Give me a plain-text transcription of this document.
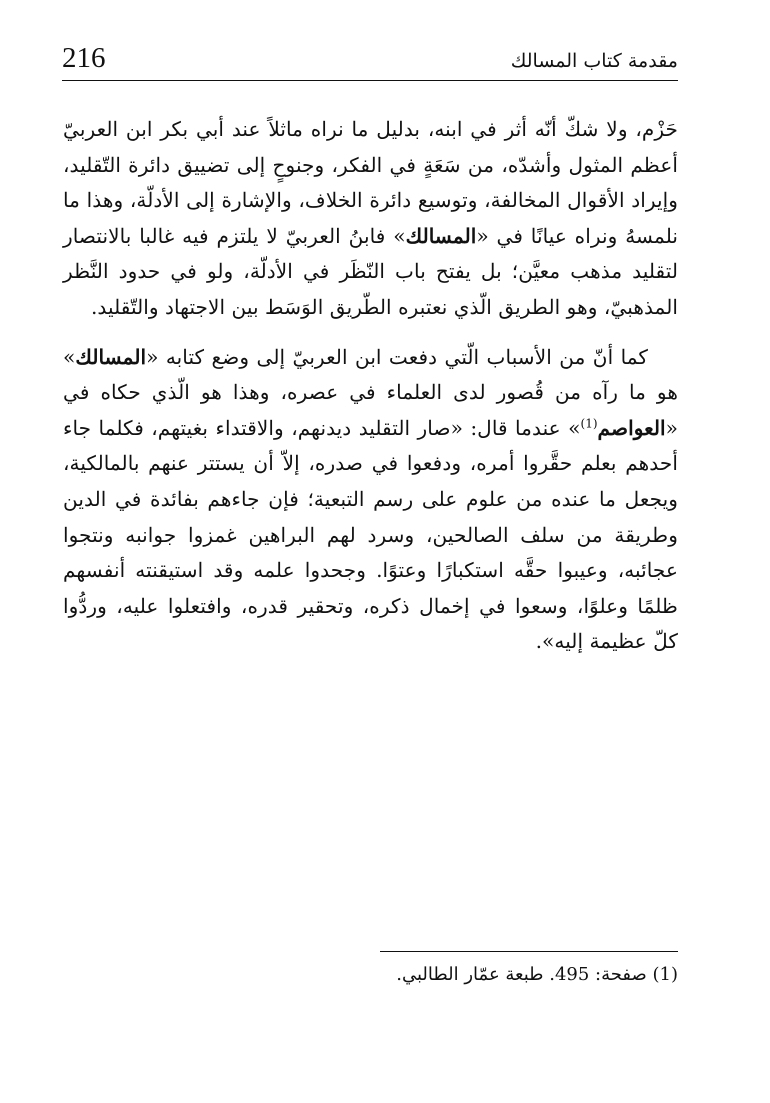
216	مقدمة كتاب المسالك

حَزْم، ولا شكّ أنّه أثر في ابنه، بدليل ما نراه ماثلاً عند أبي بكر ابن العربيّ أعظم المثول وأشدّه، من سَعَةٍ في الفكر، وجنوحٍ إلى تضييق دائرة التّقليد، وإيراد الأقوال المخالفة، وتوسيع دائرة الخلاف، والإشارة إلى الأدلّة، وهذا ما نلمسهُ ونراه عيانًا في «المسالك» فابنُ العربيّ لا يلتزم فيه غالبا بالانتصار لتقليد مذهب معيَّن؛ بل يفتح باب النّظَر في الأدلّة، ولو في حدود النَّظر المذهبيّ، وهو الطريق الّذي نعتبره الطّريق الوَسَط بين الاجتهاد والتّقليد.

كما أنّ من الأسباب الّتي دفعت ابن العربيّ إلى وضع كتابه «المسالك» هو ما رآه من قُصور لدى العلماء في عصره، وهذا هو الّذي حكاه في «العواصم$^{(1)}$» عندما قال: «صار التقليد ديدنهم، والاقتداء بغيتهم، فكلما جاء أحدهم بعلم حقَّروا أمره، ودفعوا في صدره، إلاّ أن يستتر عنهم بالمالكية، ويجعل ما عنده من علوم على رسم التبعية؛ فإن جاءهم بفائدة في الدين وطريقة من سلف الصالحين، وسرد لهم البراهين غمزوا جوانبه ونتجوا عجائبه، وعيبوا حقَّه استكبارًا وعتوًا. وجحدوا علمه وقد استيقنته أنفسهم ظلمًا وعلوًا، وسعوا في إخمال ذكره، وتحقير قدره، وافتعلوا عليه، وردُّوا كلّ عظيمة إليه».

(1) صفحة: 495. طبعة عمّار الطالبي.
